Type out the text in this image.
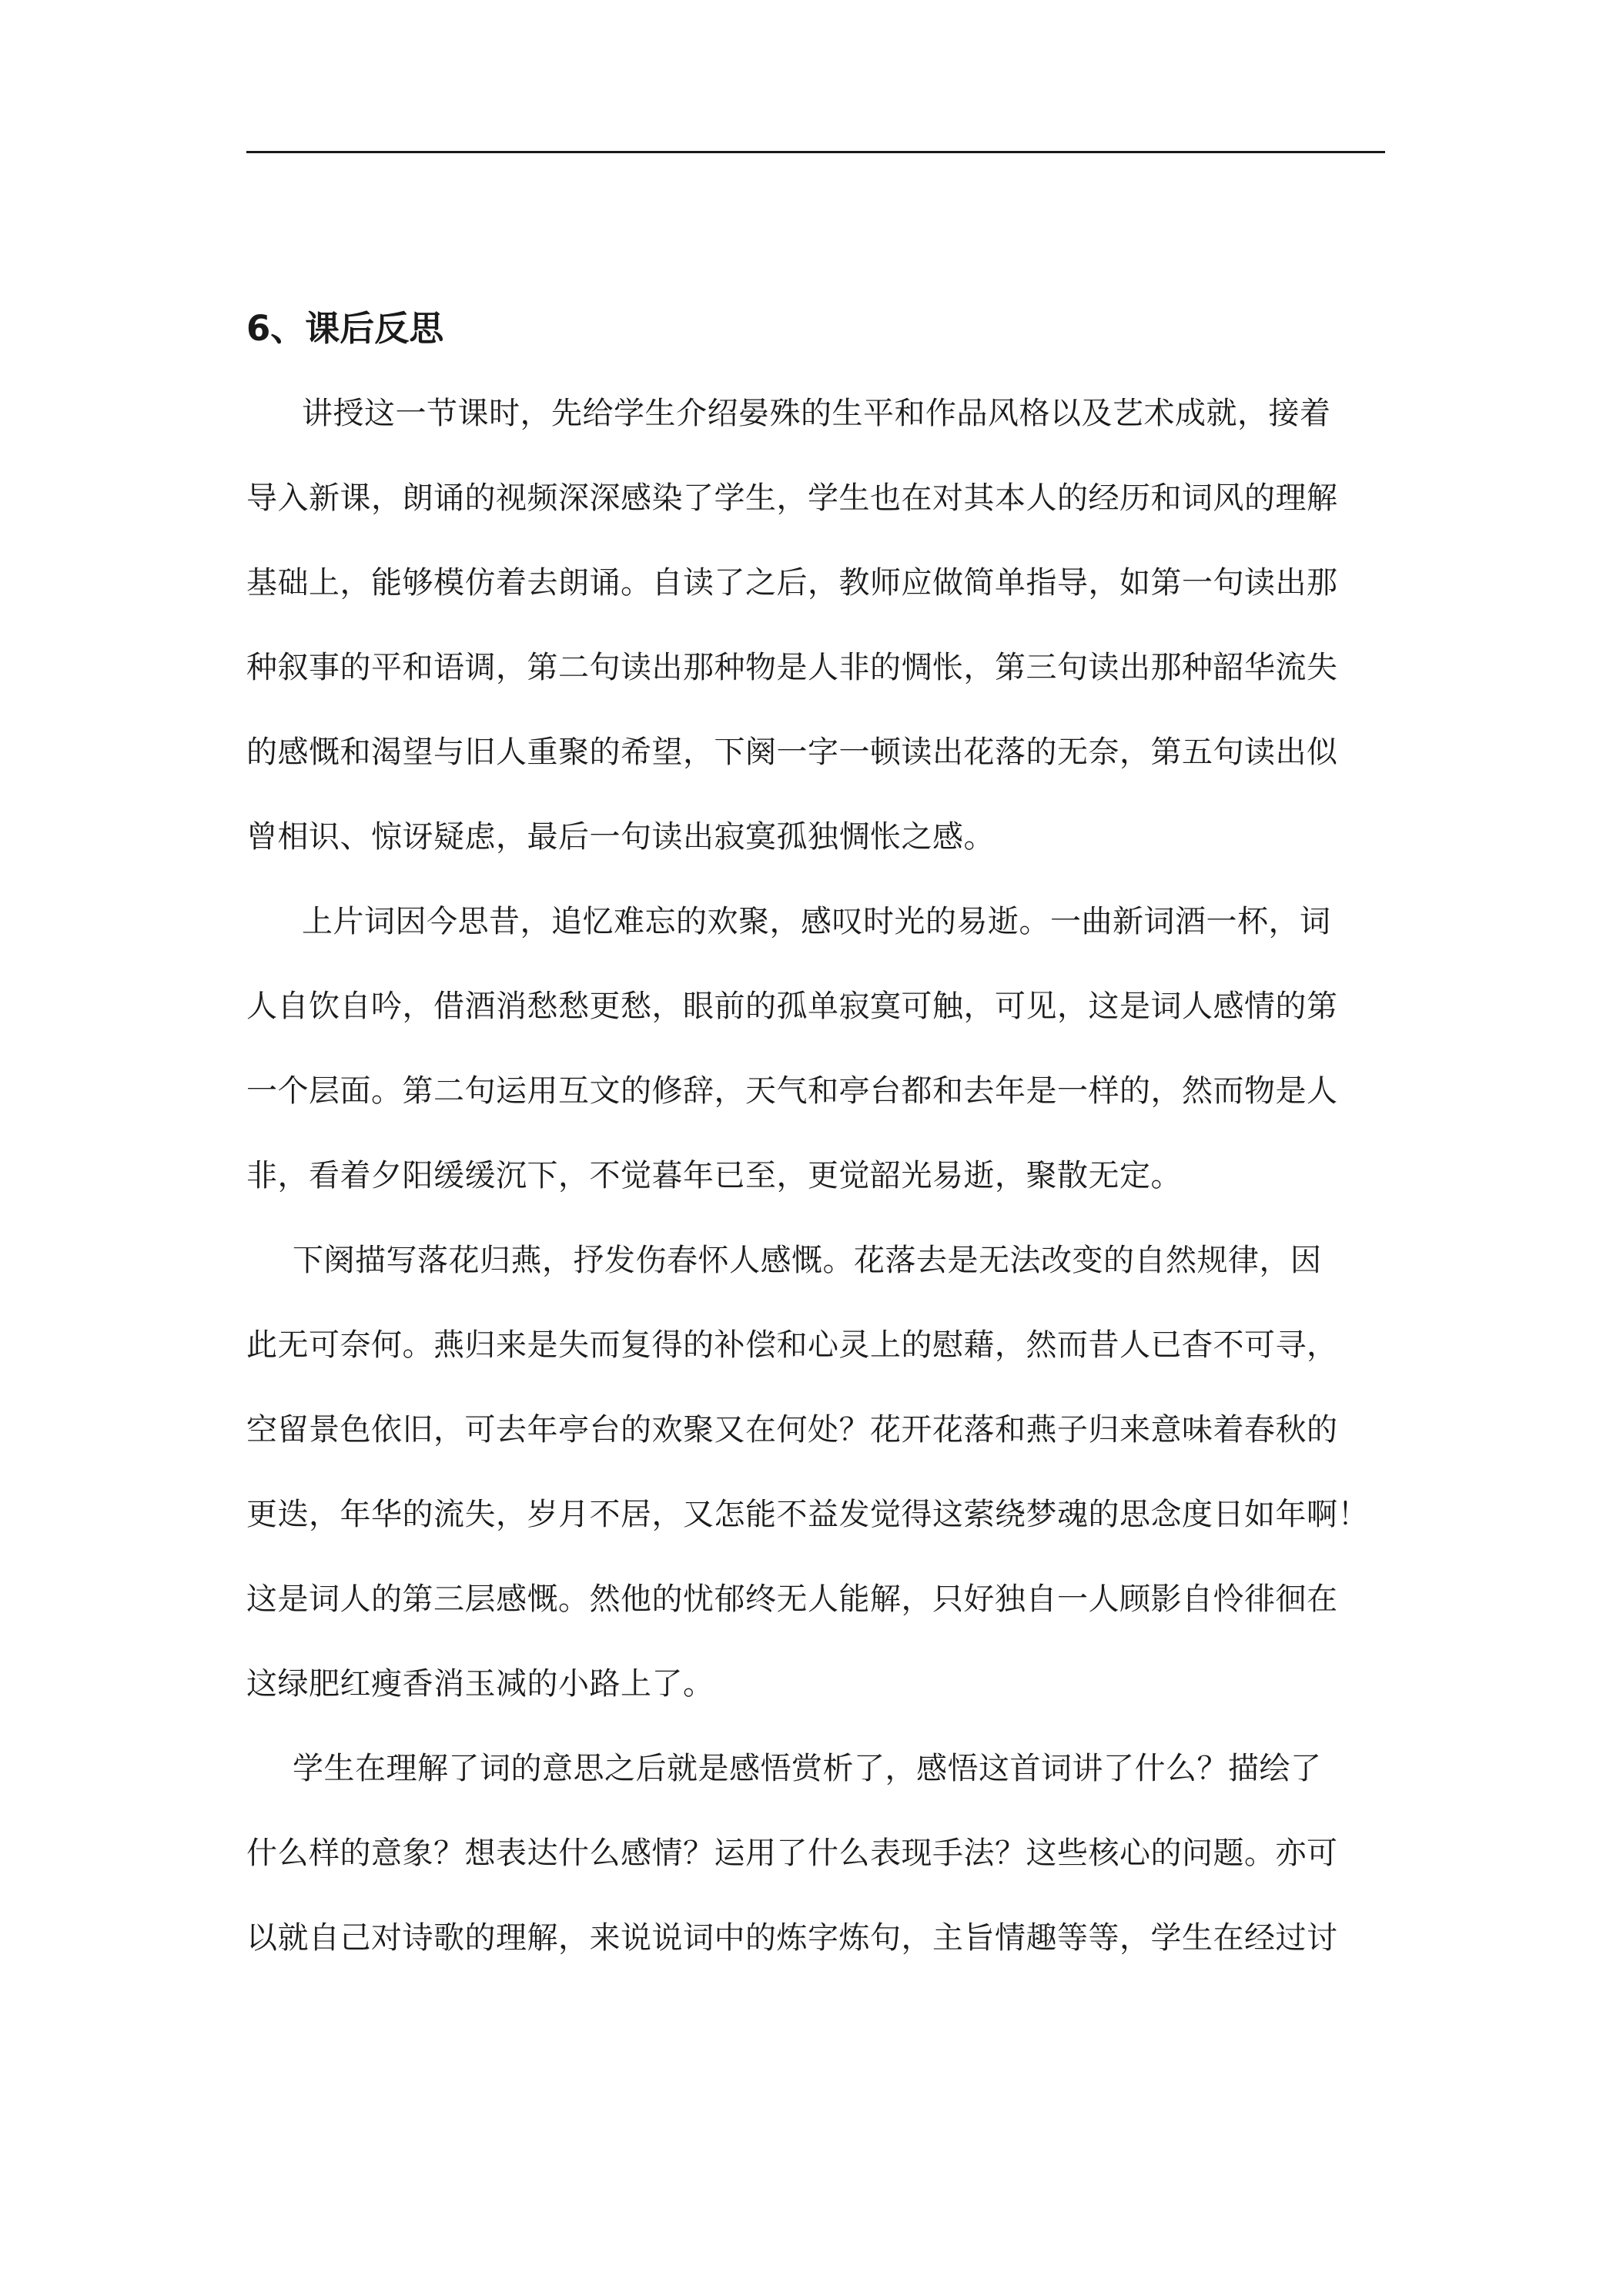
6、课后反思

讲授这一节课时，先给学生介绍晏殊的生平和作品风格以及艺术成就，接着
导入新课，朗诵的视频深深感染了学生，学生也在对其本人的经历和词风的理解
基础上，能够模仿着去朗诵。自读了之后，教师应做简单指导，如第一句读出那
种叙事的平和语调，第二句读出那种物是人非的惆怅，第三句读出那种韶华流失
的感慨和渴望与旧人重聚的希望，下阕一字一顿读出花落的无奈，第五句读出似
曾相识、惊讶疑虑，最后一句读出寂寞孤独惆怅之感。

上片词因今思昔，追忆难忘的欢聚，感叹时光的易逝。一曲新词酒一杯，词
人自饮自吟，借酒消愁愁更愁，眼前的孤单寂寞可触，可见，这是词人感情的第
一个层面。第二句运用互文的修辞，天气和亭台都和去年是一样的，然而物是人
非，看着夕阳缓缓沉下，不觉暮年已至，更觉韶光易逝，聚散无定。

下阕描写落花归燕，抒发伤春怀人感慨。花落去是无法改变的自然规律，因
此无可奈何。燕归来是失而复得的补偿和心灵上的慰藉，然而昔人已杳不可寻，
空留景色依旧，可去年亭台的欢聚又在何处？花开花落和燕子归来意味着春秋的
更迭，年华的流失，岁月不居，又怎能不益发觉得这萦绕梦魂的思念度日如年啊！
这是词人的第三层感慨。然他的忧郁终无人能解，只好独自一人顾影自怜徘徊在
这绿肥红瘦香消玉减的小路上了。

学生在理解了词的意思之后就是感悟赏析了，感悟这首词讲了什么？描绘了
什么样的意象？想表达什么感情？运用了什么表现手法？这些核心的问题。亦可
以就自己对诗歌的理解，来说说词中的炼字炼句，主旨情趣等等，学生在经过讨
